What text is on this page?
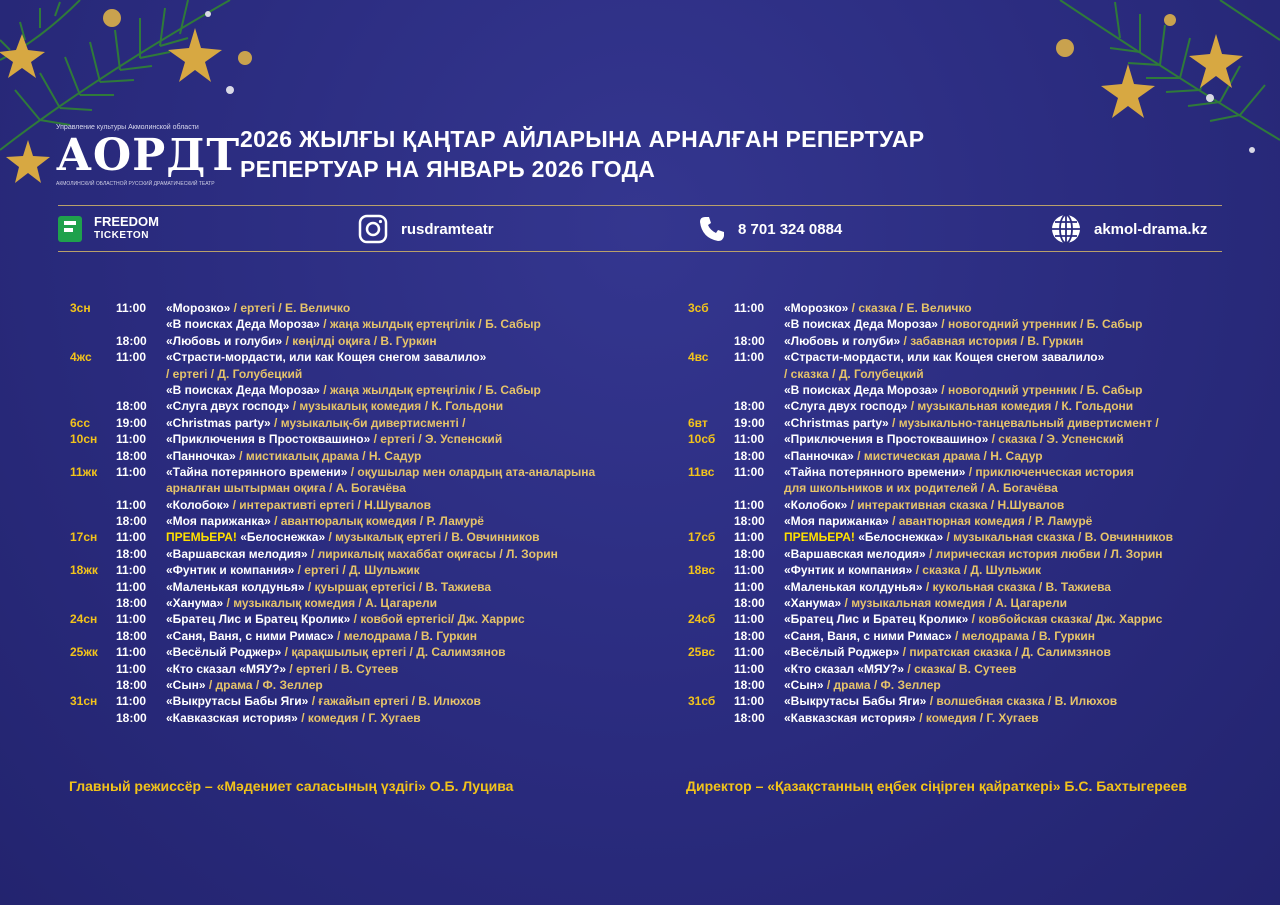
Управление культуры Акмолинской области
АОРДТ
АКМОЛИНСКИЙ ОБЛАСТНОЙ РУССКИЙ ДРАМАТИЧЕСКИЙ ТЕАТР
2026 ЖЫЛҒЫ ҚАҢТАР АЙЛАРЫНА АРНАЛҒАН РЕПЕРТУАР
РЕПЕРТУАР НА ЯНВАРЬ 2026 ГОДА
FREEDOM
TICKETON	rusdramteatr	8 701 324 0884	akmol-drama.kz
3сн 11:00 «Морозко» / ертегі / Е. Величко
«В поисках Деда Мороза» / жаңа жылдық ертеңгілік / Б. Сабыр
18:00 «Любовь и голуби» / көңілді оқиға / В. Гуркин
4жс 11:00 «Страсти-мордасти, или как Кощея снегом завалило»
/ ертегі / Д. Голубецкий
«В поисках Деда Мороза» / жаңа жылдық ертеңгілік / Б. Сабыр
18:00 «Слуга двух господ» / музыкалық комедия / К. Гольдони
6сс 19:00 «Christmas party» / музыкалық-би дивертисменті /
10сн 11:00 «Приключения в Простоквашино» / ертегі / Э. Успенский
18:00 «Панночка» / мистикалық драма / Н. Садур
11жк 11:00 «Тайна потерянного времени» / оқушылар мен олардың ата-аналарына
арналған шытырман оқиға / А. Богачёва
11:00 «Колобок» / интерактивті ертегі / Н.Шувалов
18:00 «Моя парижанка» / авантюралық комедия / Р. Ламурё
17сн 11:00 ПРЕМЬЕРА! «Белоснежка» / музыкалық ертегі / В. Овчинников
18:00 «Варшавская мелодия» / лирикалық махаббат оқиғасы / Л. Зорин
18жк 11:00 «Фунтик и компания» / ертегі / Д. Шульжик
11:00 «Маленькая колдунья» / қуыршақ ертегісі / В. Тажиева
18:00 «Ханума» / музыкалық комедия / А. Цагарели
24сн 11:00 «Братец Лис и Братец Кролик» / ковбой ертегісі/ Дж. Харрис
18:00 «Саня, Ваня, с ними Римас» / мелодрама / В. Гуркин
25жк 11:00 «Весёлый Роджер» / қарақшылық ертегі / Д. Салимзянов
11:00 «Кто сказал «МЯУ?» / ертегі / В. Сутеев
18:00 «Сын» / драма / Ф. Зеллер
31сн 11:00 «Выкрутасы Бабы Яги» / ғажайып ертегі / В. Илюхов
18:00 «Кавказская история» / комедия / Г. Хугаев
3сб 11:00 «Морозко» / сказка / Е. Величко
«В поисках Деда Мороза» / новогодний утренник / Б. Сабыр
18:00 «Любовь и голуби» / забавная история / В. Гуркин
4вс 11:00 «Страсти-мордасти, или как Кощея снегом завалило»
/ сказка / Д. Голубецкий
«В поисках Деда Мороза» / новогодний утренник / Б. Сабыр
18:00 «Слуга двух господ» / музыкальная комедия / К. Гольдони
6вт 19:00 «Christmas party» / музыкально-танцевальный дивертисмент /
10сб 11:00 «Приключения в Простоквашино» / сказка / Э. Успенский
18:00 «Панночка» / мистическая драма / Н. Садур
11вс 11:00 «Тайна потерянного времени» / приключенческая история
для школьников и их родителей / А. Богачёва
11:00 «Колобок» / интерактивная сказка / Н.Шувалов
18:00 «Моя парижанка» / авантюрная комедия / Р. Ламурё
17сб 11:00 ПРЕМЬЕРА! «Белоснежка» / музыкальная сказка / В. Овчинников
18:00 «Варшавская мелодия» / лирическая история любви / Л. Зорин
18вс 11:00 «Фунтик и компания» / сказка / Д. Шульжик
11:00 «Маленькая колдунья» / кукольная сказка / В. Тажиева
18:00 «Ханума» / музыкальная комедия / А. Цагарели
24сб 11:00 «Братец Лис и Братец Кролик» / ковбойская сказка/ Дж. Харрис
18:00 «Саня, Ваня, с ними Римас» / мелодрама / В. Гуркин
25вс 11:00 «Весёлый Роджер» / пиратская сказка / Д. Салимзянов
11:00 «Кто сказал «МЯУ?» / сказка/ В. Сутеев
18:00 «Сын» / драма / Ф. Зеллер
31сб 11:00 «Выкрутасы Бабы Яги» / волшебная сказка / В. Илюхов
18:00 «Кавказская история» / комедия / Г. Хугаев
Главный режиссёр – «Мәдениет саласының үздігі» О.Б. Луцива	Директор – «Қазақстанның еңбек сіңірген қайраткері» Б.С. Бахтыгереев
